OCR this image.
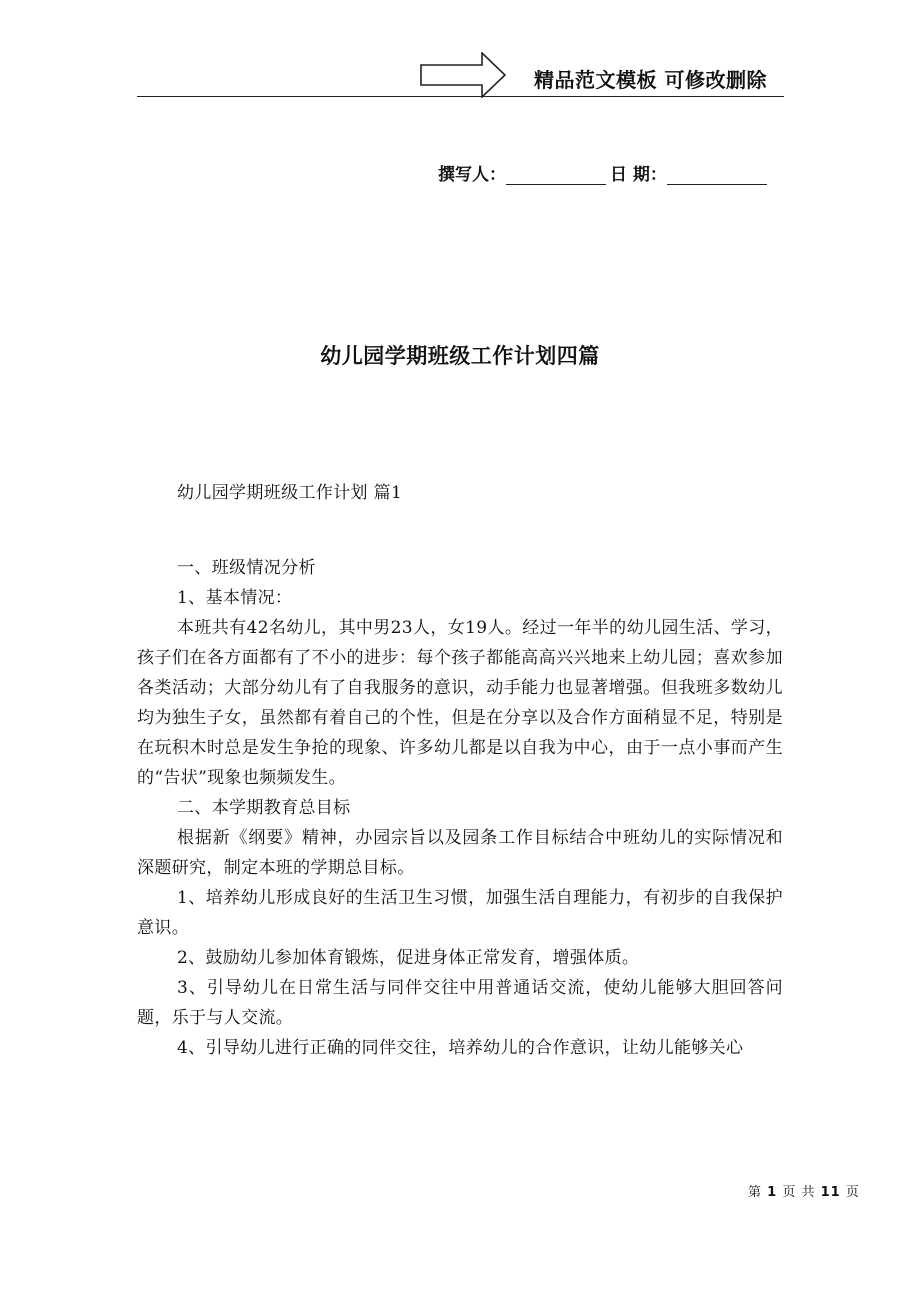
精品范文模板 可修改删除
撰写人：	日 期：
幼儿园学期班级工作计划四篇

幼儿园学期班级工作计划 篇1

一、班级情况分析

1、基本情况：

本班共有42名幼儿，其中男23人，女19人。经过一年半的幼儿园生活、学习，孩子们在各方面都有了不小的进步：每个孩子都能高高兴兴地来上幼儿园；喜欢参加各类活动；大部分幼儿有了自我服务的意识，动手能力也显著增强。但我班多数幼儿均为独生子女，虽然都有着自己的个性，但是在分享以及合作方面稍显不足，特别是在玩积木时总是发生争抢的现象、许多幼儿都是以自我为中心，由于一点小事而产生的“告状”现象也频频发生。

二、本学期教育总目标

根据新《纲要》精神，办园宗旨以及园条工作目标结合中班幼儿的实际情况和深题研究，制定本班的学期总目标。

1、培养幼儿形成良好的生活卫生习惯，加强生活自理能力，有初步的自我保护意识。

2、鼓励幼儿参加体育锻炼，促进身体正常发育，增强体质。

3、引导幼儿在日常生活与同伴交往中用普通话交流，使幼儿能够大胆回答问题，乐于与人交流。

4、引导幼儿进行正确的同伴交往，培养幼儿的合作意识，让幼儿能够关心

第 1 页 共 11 页
